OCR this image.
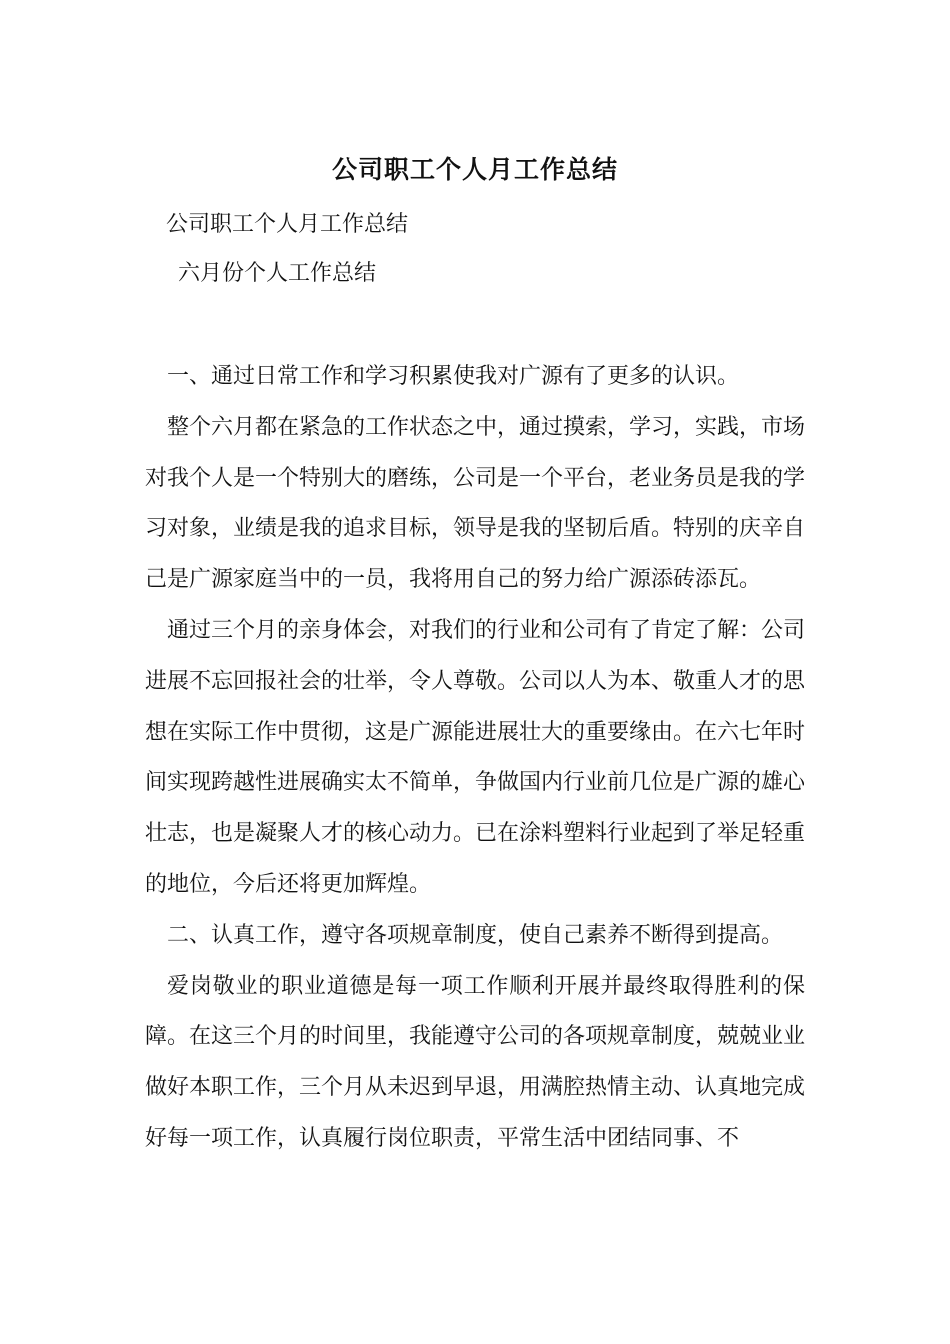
公司职工个人月工作总结
公司职工个人月工作总结
六月份个人工作总结
一、通过日常工作和学习积累使我对广源有了更多的认识。
整个六月都在紧急的工作状态之中，通过摸索，学习，实践，市场对我个人是一个特别大的磨练，公司是一个平台，老业务员是我的学习对象，业绩是我的追求目标，领导是我的坚韧后盾。特别的庆辛自己是广源家庭当中的一员，我将用自己的努力给广源添砖添瓦。
通过三个月的亲身体会，对我们的行业和公司有了肯定了解：公司进展不忘回报社会的壮举，令人尊敬。公司以人为本、敬重人才的思想在实际工作中贯彻，这是广源能进展壮大的重要缘由。在六七年时间实现跨越性进展确实太不简单，争做国内行业前几位是广源的雄心壮志，也是凝聚人才的核心动力。已在涂料塑料行业起到了举足轻重的地位，今后还将更加辉煌。
二、认真工作，遵守各项规章制度，使自己素养不断得到提高。
爱岗敬业的职业道德是每一项工作顺利开展并最终取得胜利的保障。在这三个月的时间里，我能遵守公司的各项规章制度，兢兢业业做好本职工作，三个月从未迟到早退，用满腔热情主动、认真地完成好每一项工作，认真履行岗位职责，平常生活中团结同事、不
